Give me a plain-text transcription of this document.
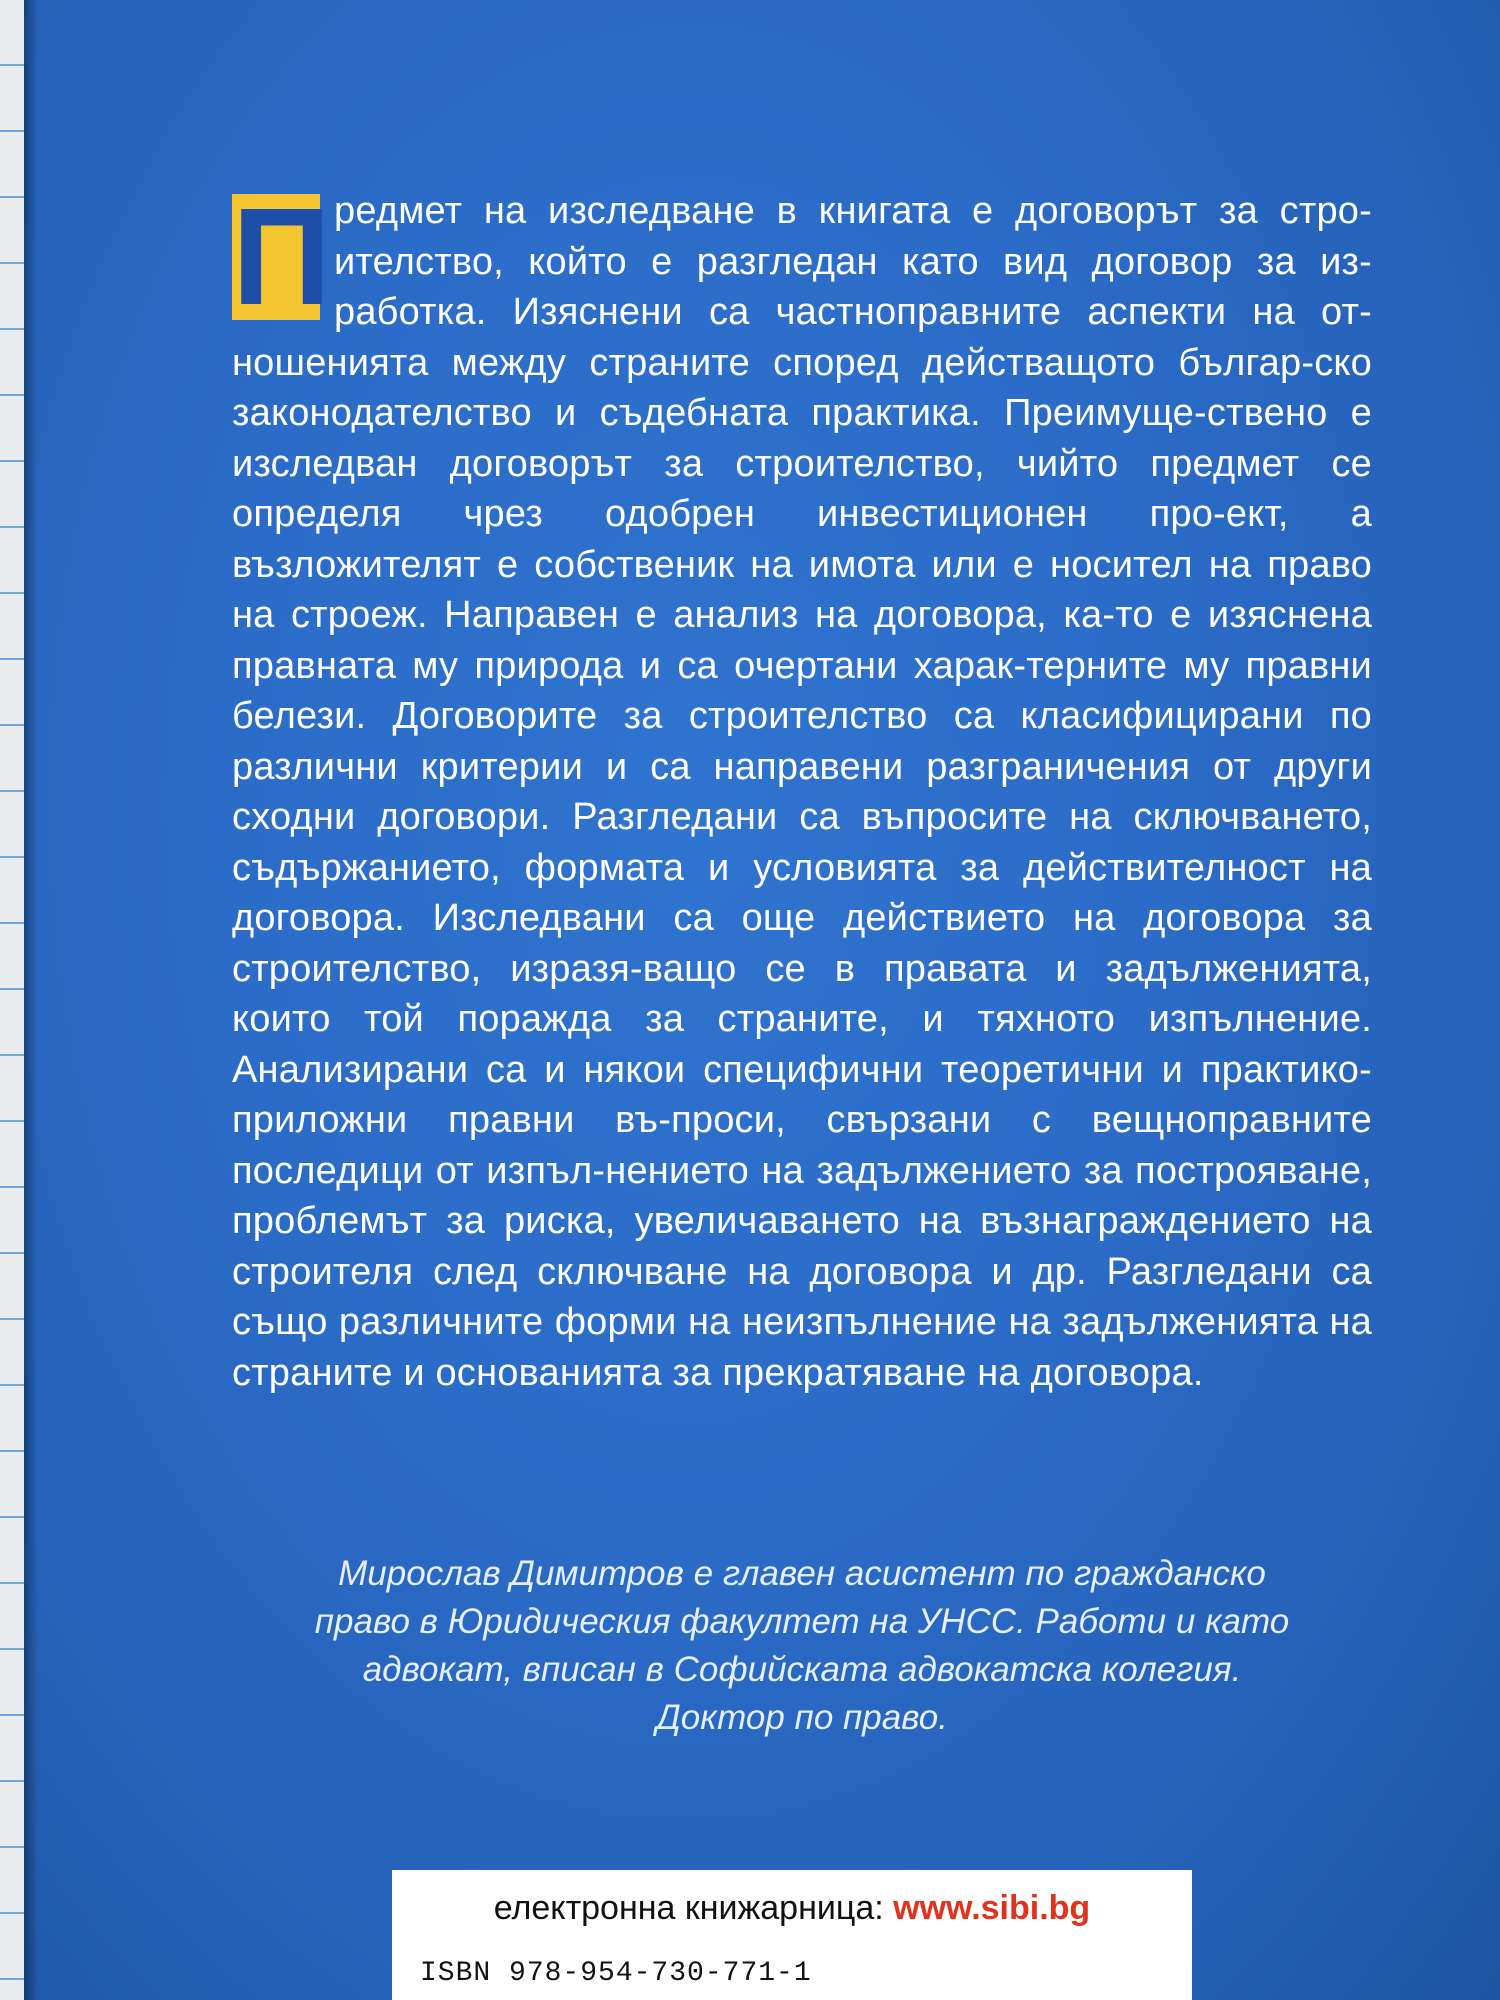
П редмет на изследване в книгата е договорът за стро-ителство, който е разгледан като вид договор за из-работка. Изяснени са частноправните аспекти на от-ношенията между страните според действащото българ-ско законодателство и съдебната практика. Преимуще-ствено е изследван договорът за строителство, чийто предмет се определя чрез одобрен инвестиционен про-ект, а възложителят е собственик на имота или е носител на право на строеж. Направен е анализ на договора, ка-то е изяснена правната му природа и са очертани харак-терните му правни белези. Договорите за строителство са класифицирани по различни критерии и са направени разграничения от други сходни договори. Разгледани са въпросите на сключването, съдържанието, формата и условията за действителност на договора. Изследвани са още действието на договора за строителство, изразя-ващо се в правата и задълженията, които той поражда за страните, и тяхното изпълнение. Анализирани са и някои специфични теоретични и практико-приложни правни въ-проси, свързани с вещноправните последици от изпъл-нението на задължението за построяване, проблемът за риска, увеличаването на възнаграждението на строителя след сключване на договора и др. Разгледани са също различните форми на неизпълнение на задълженията на страните и основанията за прекратяване на договора.
Мирослав Димитров е главен асистент по гражданско
право в Юридическия факултет на УНСС. Работи и като
адвокат, вписан в Софийската адвокатска колегия.
Доктор по право.
електронна книжарница: www.sibi.bg
ISBN 978-954-730-771-1
